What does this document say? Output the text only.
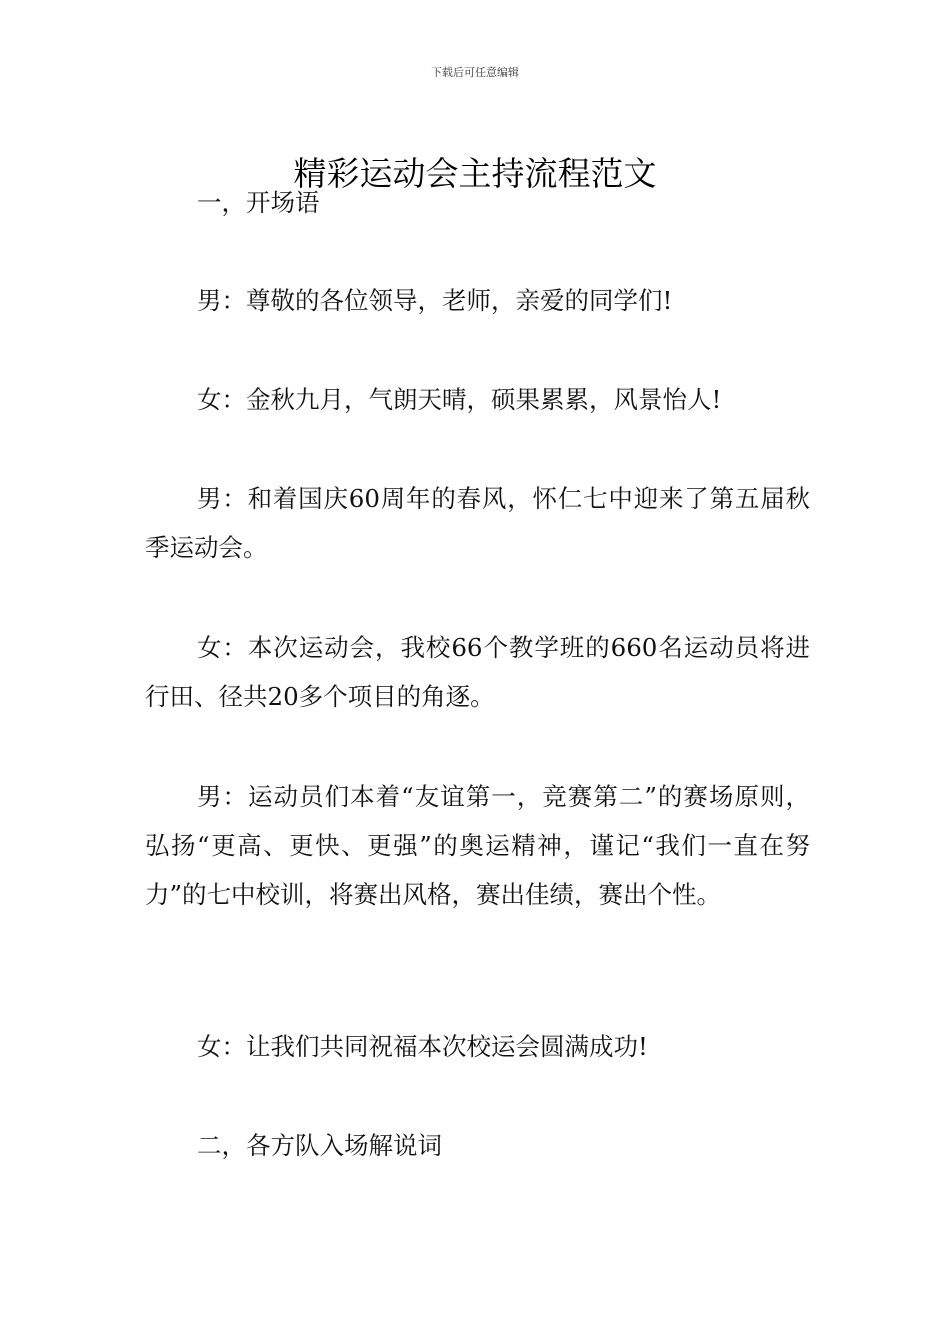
下载后可任意编辑
精彩运动会主持流程范文

一，开场语

男：尊敬的各位领导，老师，亲爱的同学们!

女：金秋九月，气朗天晴，硕果累累，风景怡人!

男：和着国庆60周年的春风，怀仁七中迎来了第五届秋季运动会。

女：本次运动会，我校66个教学班的660名运动员将进行田、径共20多个项目的角逐。

男：运动员们本着“友谊第一，竞赛第二”的赛场原则，弘扬“更高、更快、更强”的奥运精神，谨记“我们一直在努力”的七中校训，将赛出风格，赛出佳绩，赛出个性。

女：让我们共同祝福本次校运会圆满成功!

二，各方队入场解说词
